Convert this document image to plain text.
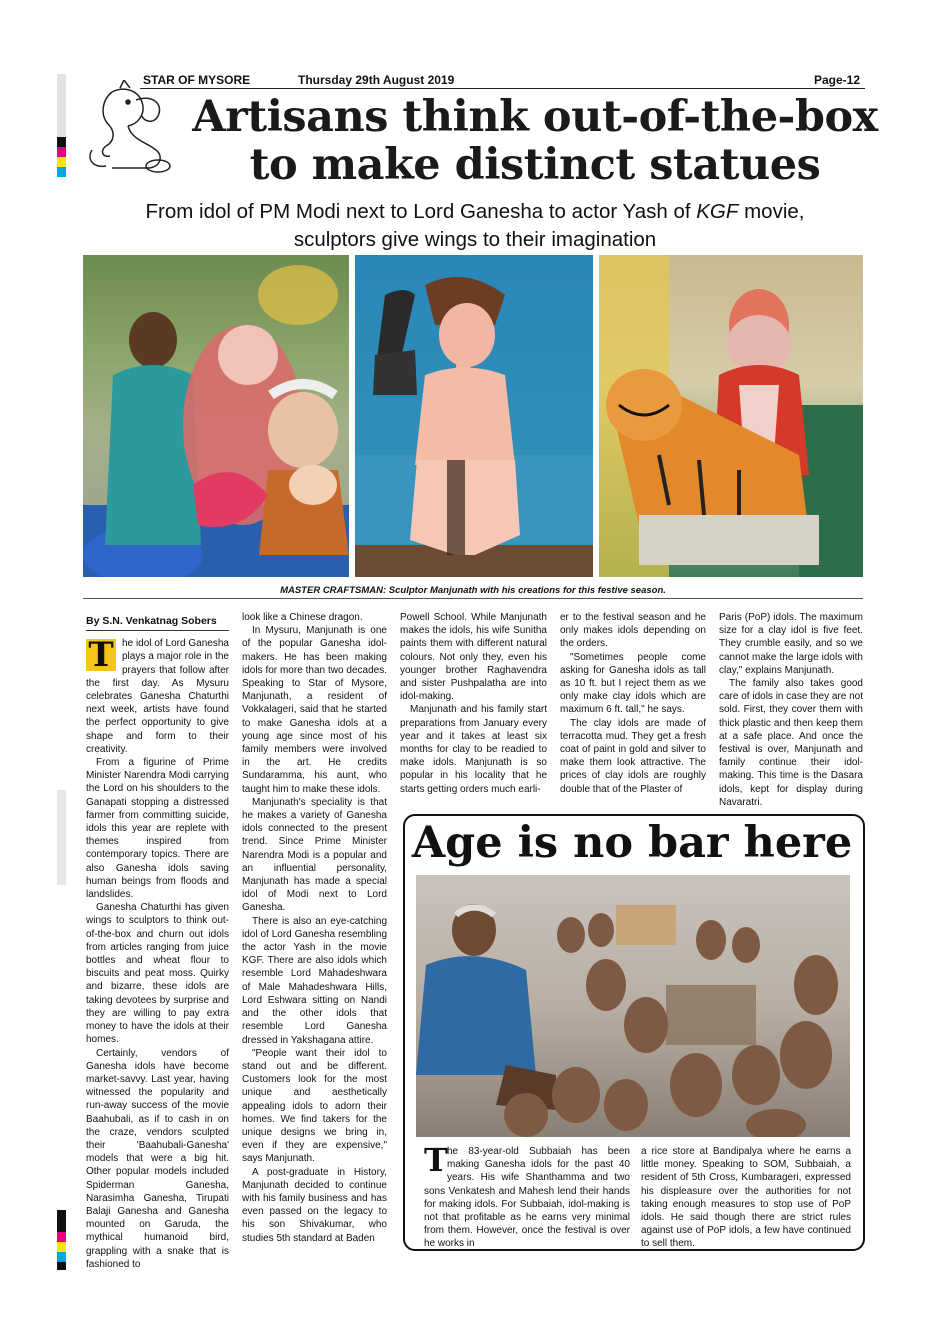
STAR OF MYSORE	Thursday 29th August 2019	Page-12
Artisans think out-of-the-box
to make distinct statues
From idol of PM Modi next to Lord Ganesha to actor Yash of KGF movie,
sculptors give wings to their imagination
MASTER CRAFTSMAN: Sculptor Manjunath with his creations for this festive season.
By S.N. Venkatnag Sobers
T he idol of Lord Ganesha plays a major role in the prayers that follow after the first day. As Mysuru celebrates Ganesha Chaturthi next week, artists have found the perfect opportunity to give shape and form to their creativity.

From a figurine of Prime Minister Narendra Modi carrying the Lord on his shoulders to the Ganapati stopping a distressed farmer from committing suicide, idols this year are replete with themes inspired from contemporary topics. There are also Ganesha idols saving human beings from floods and landslides.

Ganesha Chaturthi has given wings to sculptors to think out-of-the-box and churn out idols from articles ranging from juice bottles and wheat flour to biscuits and peat moss. Quirky and bizarre, these idols are taking devotees by surprise and they are willing to pay extra money to have the idols at their homes.

Certainly, vendors of Ganesha idols have become market-savvy. Last year, having witnessed the popularity and run-away success of the movie Baahubali, as if to cash in on the craze, vendors sculpted their 'Baahubali-Ganesha' models that were a big hit. Other popular models included Spiderman Ganesha, Narasimha Ganesha, Tirupati Balaji Ganesha and Ganesha mounted on Garuda, the mythical humanoid bird, grappling with a snake that is fashioned to

look like a Chinese dragon.

In Mysuru, Manjunath is one of the popular Ganesha idol-makers. He has been making idols for more than two decades. Speaking to Star of Mysore, Manjunath, a resident of Vokkalageri, said that he started to make Ganesha idols at a young age since most of his family members were involved in the art. He credits Sundaramma, his aunt, who taught him to make these idols.

Manjunath's speciality is that he makes a variety of Ganesha idols connected to the present trend. Since Prime Minister Narendra Modi is a popular and an influential personality, Manjunath has made a special idol of Modi next to Lord Ganesha.

There is also an eye-catching idol of Lord Ganesha resembling the actor Yash in the movie KGF. There are also idols which resemble Lord Mahadeshwara of Male Mahadeshwara Hills, Lord Eshwara sitting on Nandi and the other idols that resemble Lord Ganesha dressed in Yakshagana attire.

"People want their idol to stand out and be different. Customers look for the most unique and aesthetically appealing idols to adorn their homes. We find takers for the unique designs we bring in, even if they are expensive," says Manjunath.

A post-graduate in History, Manjunath decided to continue with his family business and has even passed on the legacy to his son Shivakumar, who studies 5th standard at Baden

Powell School. While Manjunath makes the idols, his wife Sunitha paints them with different natural colours. Not only they, even his younger brother Raghavendra and sister Pushpalatha are into idol-making.

Manjunath and his family start preparations from January every year and it takes at least six months for clay to be readied to make idols. Manjunath is so popular in his locality that he starts getting orders much earli-

er to the festival season and he only makes idols depending on the orders.

"Sometimes people come asking for Ganesha idols as tall as 10 ft. but I reject them as we only make clay idols which are maximum 6 ft. tall," he says.

The clay idols are made of terracotta mud. They get a fresh coat of paint in gold and silver to make them look attractive. The prices of clay idols are roughly double that of the Plaster of

Paris (PoP) idols. The maximum size for a clay idol is five feet. They crumble easily, and so we cannot make the large idols with clay," explains Manjunath.

The family also takes good care of idols in case they are not sold. First, they cover them with thick plastic and then keep them at a safe place. And once the festival is over, Manjunath and family continue their idol-making. This time is the Dasara idols, kept for display during Navaratri.

Age is no bar here
T he 83-year-old Subbaiah has been making Ganesha idols for the past 40 years. His wife Shanthamma and two sons Venkatesh and Mahesh lend their hands for making idols. For Subbaiah, idol-making is not that profitable as he earns very minimal from them. However, once the festival is over he works in

a rice store at Bandipalya where he earns a little money. Speaking to SOM, Subbaiah, a resident of 5th Cross, Kumbarageri, expressed his displeasure over the authorities for not taking enough measures to stop use of PoP idols. He said though there are strict rules against use of PoP idols, a few have continued to sell them.
